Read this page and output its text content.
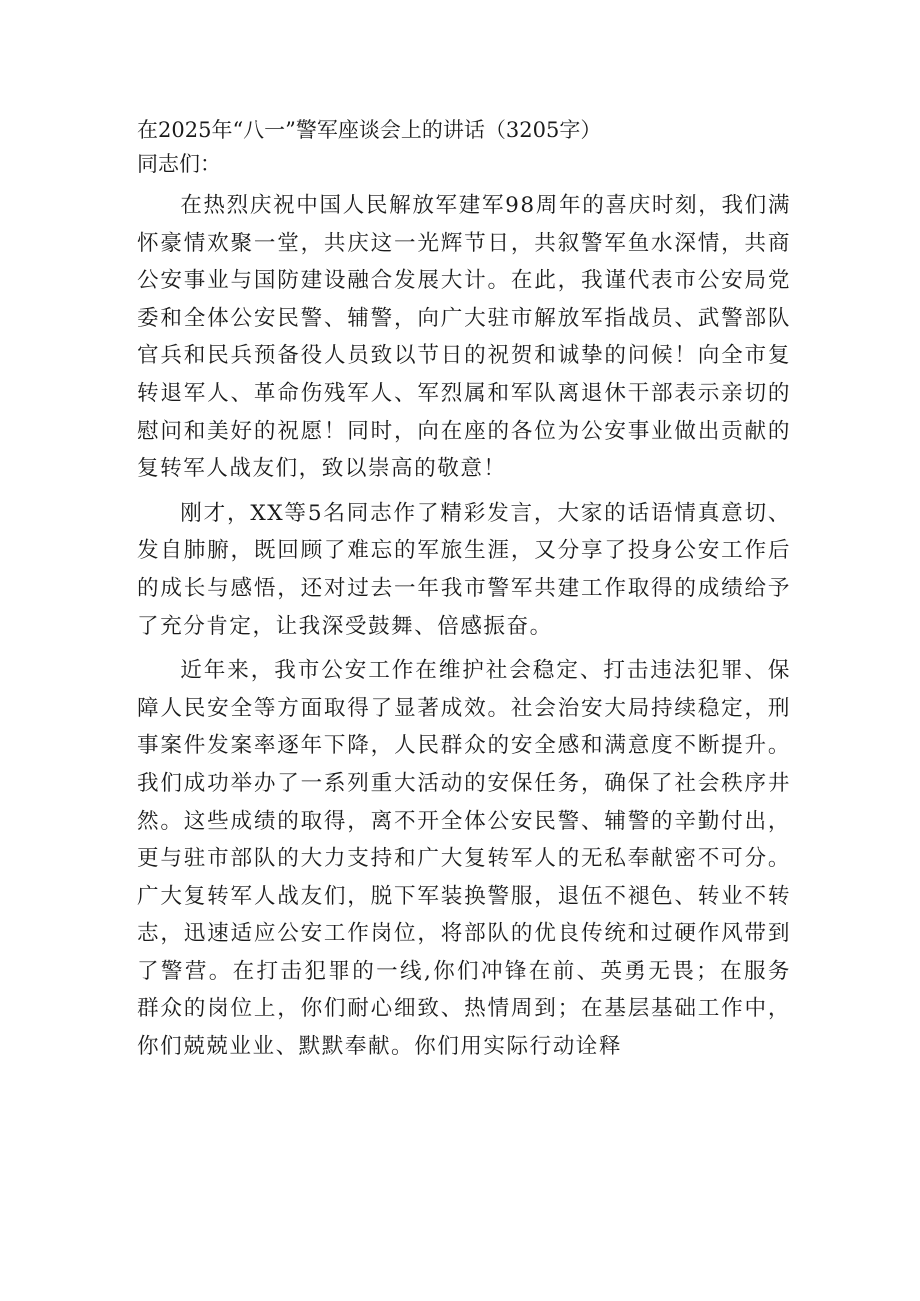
在2025年“八一”警军座谈会上的讲话（3205字）

同志们：

在热烈庆祝中国人民解放军建军98周年的喜庆时刻，我们满怀豪情欢聚一堂，共庆这一光辉节日，共叙警军鱼水深情，共商公安事业与国防建设融合发展大计。在此，我谨代表市公安局党委和全体公安民警、辅警，向广大驻市解放军指战员、武警部队官兵和民兵预备役人员致以节日的祝贺和诚挚的问候！向全市复转退军人、革命伤残军人、军烈属和军队离退休干部表示亲切的慰问和美好的祝愿！同时，向在座的各位为公安事业做出贡献的复转军人战友们，致以崇高的敬意！

刚才，XX等5名同志作了精彩发言，大家的话语情真意切、发自肺腑，既回顾了难忘的军旅生涯，又分享了投身公安工作后的成长与感悟，还对过去一年我市警军共建工作取得的成绩给予了充分肯定，让我深受鼓舞、倍感振奋。

近年来，我市公安工作在维护社会稳定、打击违法犯罪、保障人民安全等方面取得了显著成效。社会治安大局持续稳定，刑事案件发案率逐年下降，人民群众的安全感和满意度不断提升。我们成功举办了一系列重大活动的安保任务，确保了社会秩序井然。这些成绩的取得，离不开全体公安民警、辅警的辛勤付出，更与驻市部队的大力支持和广大复转军人的无私奉献密不可分。广大复转军人战友们，脱下军装换警服，退伍不褪色、转业不转志，迅速适应公安工作岗位，将部队的优良传统和过硬作风带到了警营。在打击犯罪的一线,你们冲锋在前、英勇无畏；在服务群众的岗位上，你们耐心细致、热情周到；在基层基础工作中，你们兢兢业业、默默奉献。你们用实际行动诠释
